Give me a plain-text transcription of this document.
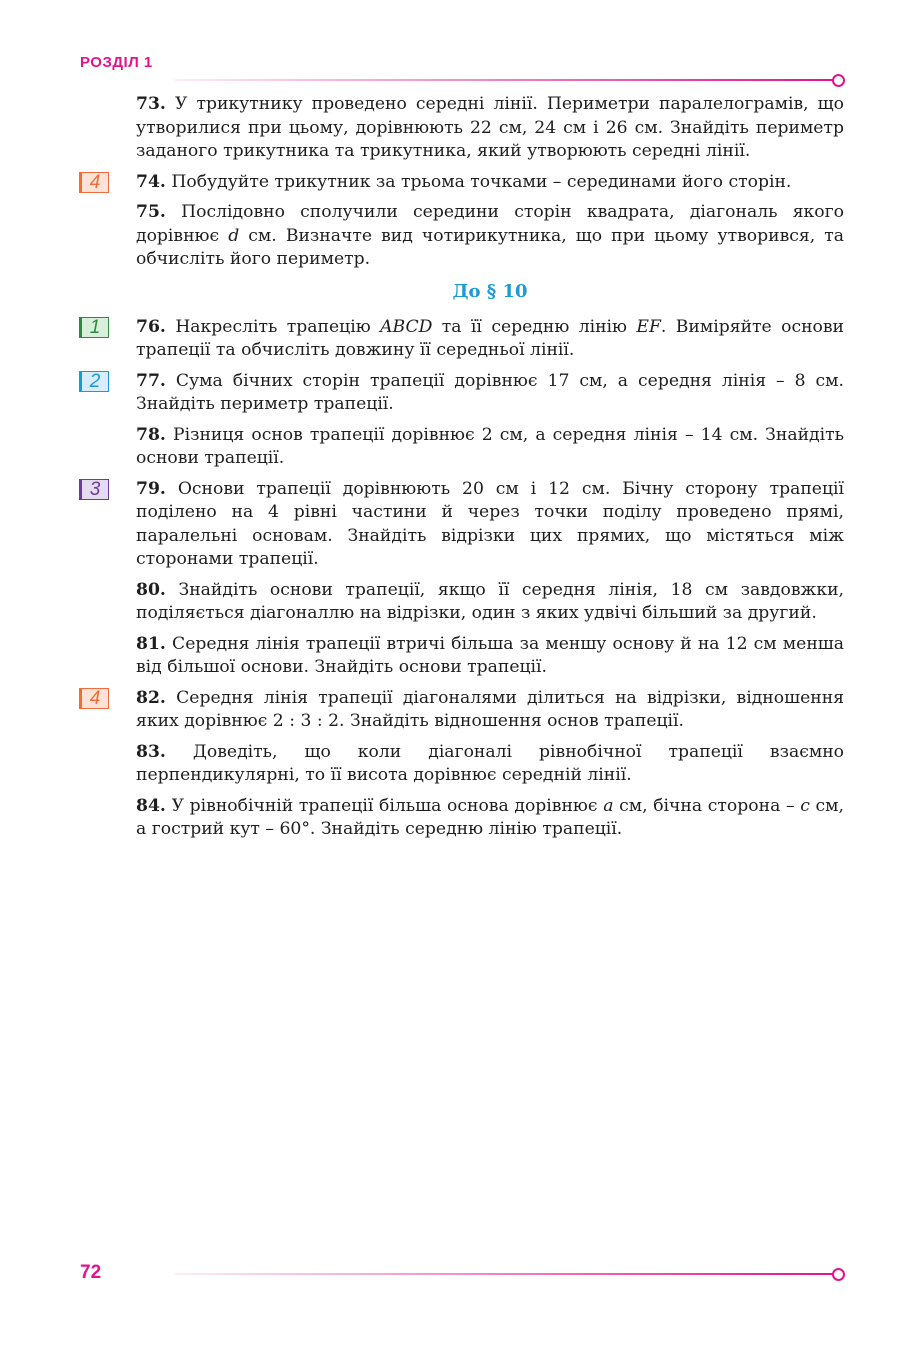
РОЗДІЛ 1

73. У трикутнику проведено середні лінії. Периметри паралелограмів, що утворилися при цьому, дорівнюють 22 см, 24 см і 26 см. Знайдіть периметр заданого трикутника та трикутника, який утворюють середні лінії.

4	74. Побудуйте трикутник за трьома точками – серединами його сторін.

75. Послідовно сполучили середини сторін квадрата, діагональ якого дорівнює d см. Визначте вид чотирикутника, що при цьому утворився, та обчисліть його периметр.

До § 10

1	76. Накресліть трапецію ABCD та її середню лінію EF. Виміряйте основи трапеції та обчисліть довжину її середньої лінії.

2	77. Сума бічних сторін трапеції дорівнює 17 см, а середня лінія – 8 см. Знайдіть периметр трапеції.

78. Різниця основ трапеції дорівнює 2 см, а середня лінія – 14 см. Знайдіть основи трапеції.

3	79. Основи трапеції дорівнюють 20 см і 12 см. Бічну сторону трапеції поділено на 4 рівні частини й через точки поділу проведено прямі, паралельні основам. Знайдіть відрізки цих прямих, що містяться між сторонами трапеції.

80. Знайдіть основи трапеції, якщо її середня лінія, 18 см завдовжки, поділяється діагоналлю на відрізки, один з яких удвічі більший за другий.

81. Середня лінія трапеції втричі більша за меншу основу й на 12 см менша від більшої основи. Знайдіть основи трапеції.

4	82. Середня лінія трапеції діагоналями ділиться на відрізки, відношення яких дорівнює 2 : 3 : 2. Знайдіть відношення основ трапеції.

83. Доведіть, що коли діагоналі рівнобічної трапеції взаємно перпендикулярні, то її висота дорівнює середній лінії.

84. У рівнобічній трапеції більша основа дорівнює a см, бічна сторона – c см, а гострий кут – 60°. Знайдіть середню лінію трапеції.

72
